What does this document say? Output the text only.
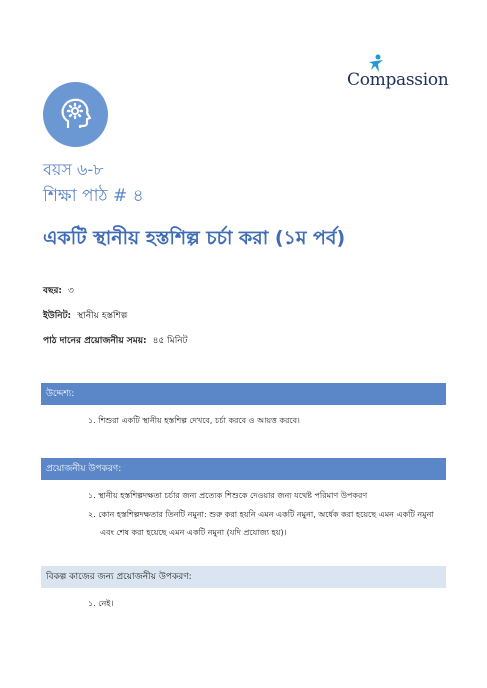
Compassion
বয়স ৬-৮
শিক্ষা পাঠ # ৪
একটি স্থানীয় হস্তশিল্প চর্চা করা (১ম পর্ব)
বছর: ৩
ইউনিট: স্থানীয় হস্তশিল্প
পাঠ দানের প্রয়োজনীয় সময়: ৪৫ মিনিট
উদ্দেশ্য:
১. শিশুরা একটি স্থানীয় হস্তশিল্প দেখবে, চর্চা করবে ও আয়ত্ত করবে।
প্রয়োজনীয় উপকরণ:
১. স্থানীয় হস্তশিল্পদক্ষতা চর্চার জন্য প্রত্যেক শিশুকে দেওয়ার জন্য যথেষ্ট পরিমাণ উপকরণ
২. কোন হস্তশিল্পদক্ষতার তিনটি নমুনা: শুরু করা হয়নি এমন একটি নমুনা, অর্ধেক করা হয়েছে এমন একটি নমুনা
এবং শেষ করা হয়েছে এমন একটি নমুনা (যদি প্রযোজ্য হয়)।
বিকল্প কাজের জন্য প্রয়োজনীয় উপকরণ:
১. নেই।
